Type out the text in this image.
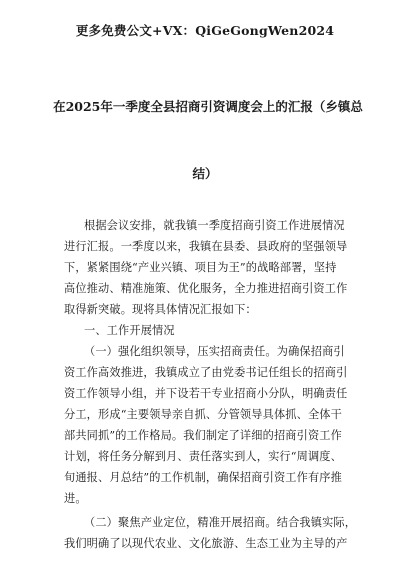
更多免费公文+VX：QiGeGongWen2024
在2025年一季度全县招商引资调度会上的汇报（乡镇总
结）
根据会议安排，就我镇一季度招商引资工作进展情况
进行汇报。一季度以来，我镇在县委、县政府的坚强领导
下，紧紧围绕“产业兴镇、项目为王”的战略部署，坚持
高位推动、精准施策、优化服务，全力推进招商引资工作
取得新突破。现将具体情况汇报如下：
一、工作开展情况
（一）强化组织领导，压实招商责任。为确保招商引
资工作高效推进，我镇成立了由党委书记任组长的招商引
资工作领导小组，并下设若干专业招商小分队，明确责任
分工，形成“主要领导亲自抓、分管领导具体抓、全体干
部共同抓”的工作格局。我们制定了详细的招商引资工作
计划，将任务分解到月、责任落实到人，实行“周调度、
旬通报、月总结”的工作机制，确保招商引资工作有序推
进。
（二）聚焦产业定位，精准开展招商。结合我镇实际，
我们明确了以现代农业、文化旅游、生态工业为主导的产
